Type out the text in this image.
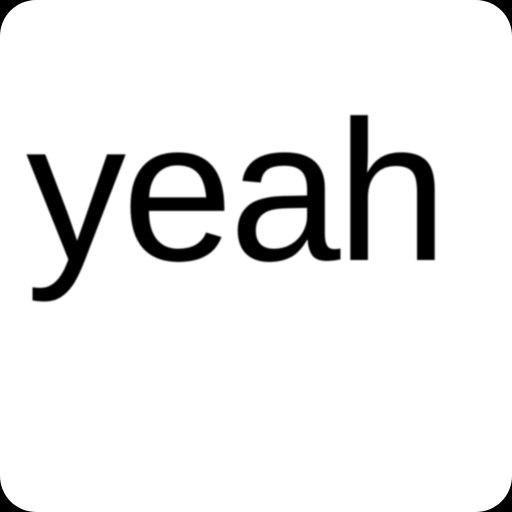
yeah
